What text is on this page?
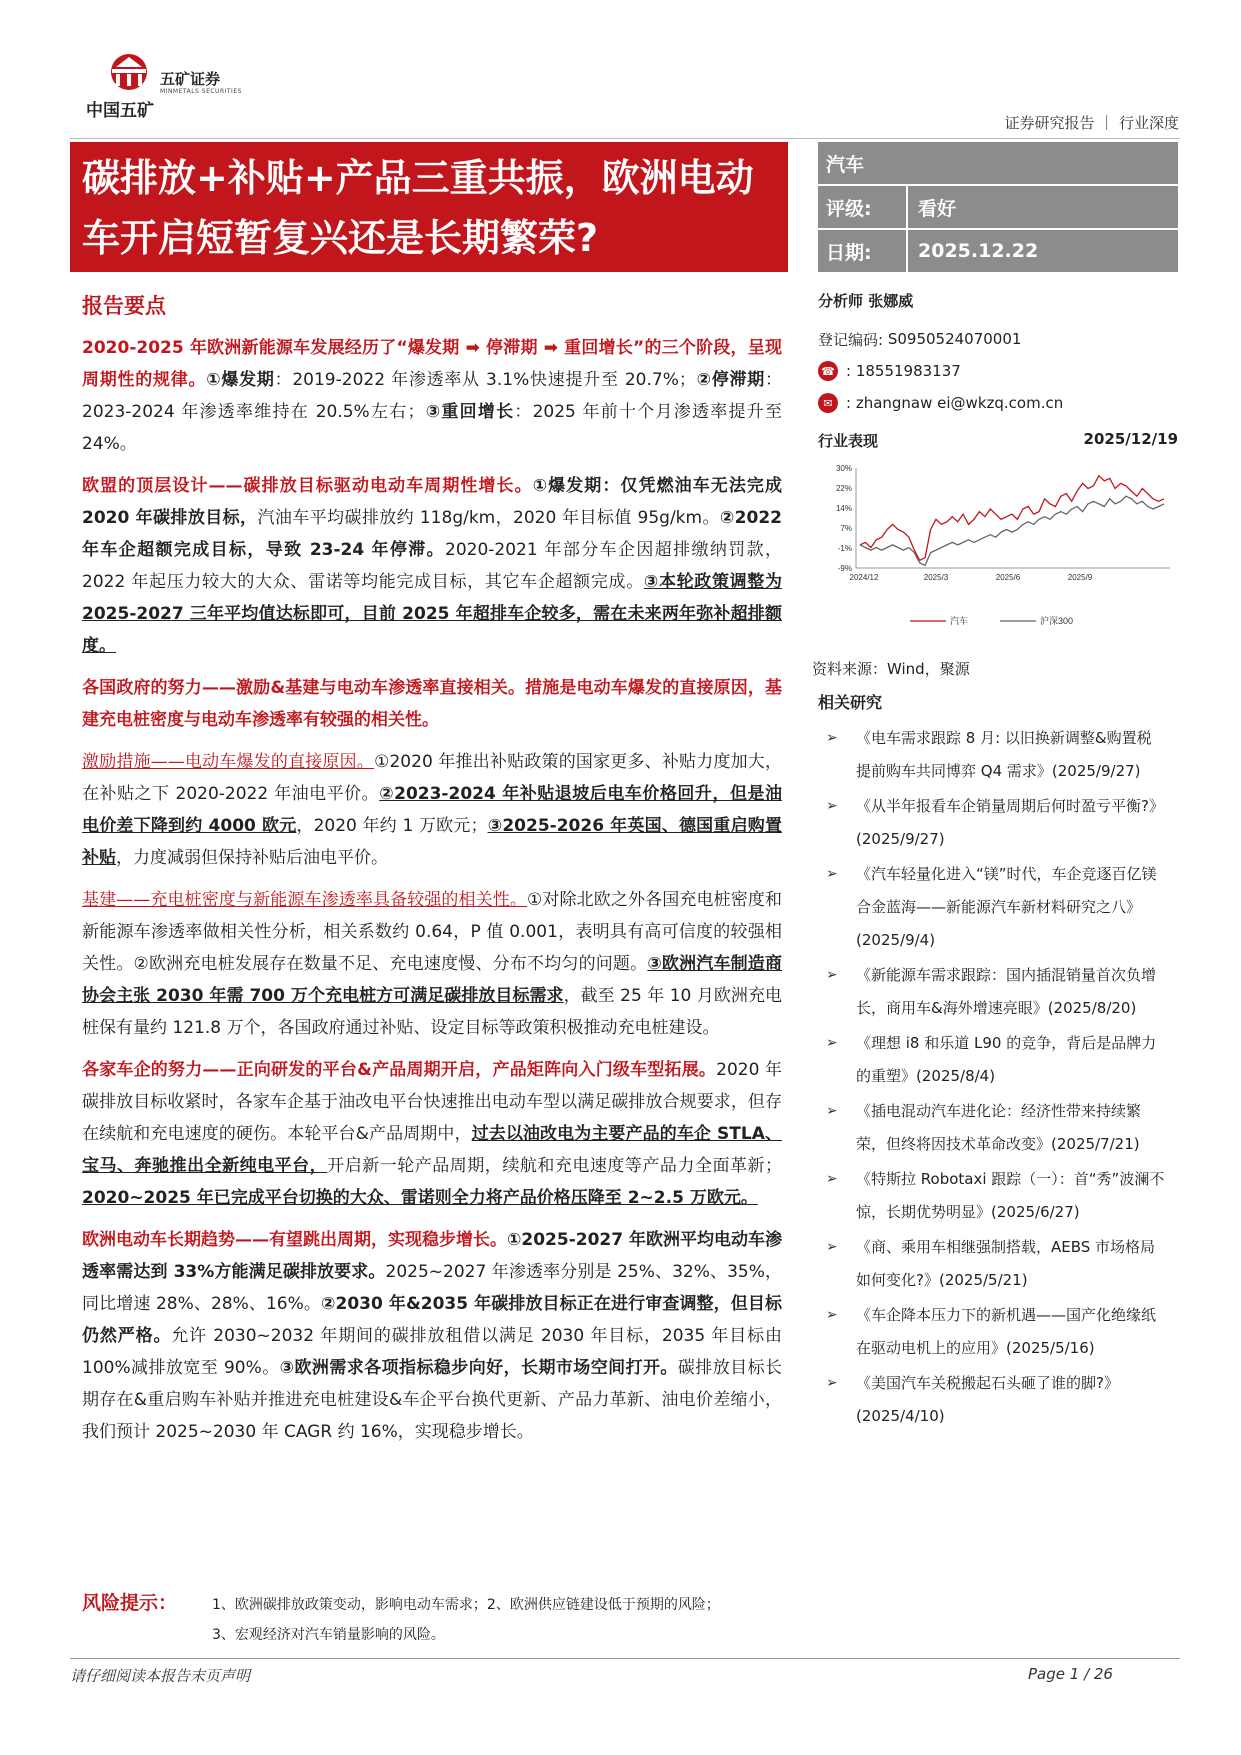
中国五矿
五矿证券
MINMETALS SECURITIES
证券研究报告 ｜ 行业深度
碳排放+补贴+产品三重共振，欧洲电动车开启短暂复兴还是长期繁荣?
汽车
评级:	看好
日期:	2025.12.22
报告要点

2020-2025 年欧洲新能源车发展经历了“爆发期 ➡ 停滞期 ➡ 重回增长”的三个阶段，呈现周期性的规律。①爆发期：2019-2022 年渗透率从 3.1%快速提升至 20.7%；②停滞期：2023-2024 年渗透率维持在 20.5%左右；③重回增长：2025 年前十个月渗透率提升至 24%。

欧盟的顶层设计——碳排放目标驱动电动车周期性增长。①爆发期：仅凭燃油车无法完成 2020 年碳排放目标，汽油车平均碳排放约 118g/km，2020 年目标值 95g/km。②2022 年车企超额完成目标，导致 23-24 年停滞。2020-2021 年部分车企因超排缴纳罚款，2022 年起压力较大的大众、雷诺等均能完成目标，其它车企超额完成。③本轮政策调整为 2025-2027 三年平均值达标即可，目前 2025 年超排车企较多，需在未来两年弥补超排额度。

各国政府的努力——激励&基建与电动车渗透率直接相关。措施是电动车爆发的直接原因，基建充电桩密度与电动车渗透率有较强的相关性。

激励措施——电动车爆发的直接原因。①2020 年推出补贴政策的国家更多、补贴力度加大，在补贴之下 2020-2022 年油电平价。②2023-2024 年补贴退坡后电车价格回升，但是油电价差下降到约 4000 欧元，2020 年约 1 万欧元；③2025-2026 年英国、德国重启购置补贴，力度减弱但保持补贴后油电平价。

基建——充电桩密度与新能源车渗透率具备较强的相关性。①对除北欧之外各国充电桩密度和新能源车渗透率做相关性分析，相关系数约 0.64，P 值 0.001，表明具有高可信度的较强相关性。②欧洲充电桩发展存在数量不足、充电速度慢、分布不均匀的问题。③欧洲汽车制造商协会主张 2030 年需 700 万个充电桩方可满足碳排放目标需求，截至 25 年 10 月欧洲充电桩保有量约 121.8 万个，各国政府通过补贴、设定目标等政策积极推动充电桩建设。

各家车企的努力——正向研发的平台&产品周期开启，产品矩阵向入门级车型拓展。2020 年碳排放目标收紧时，各家车企基于油改电平台快速推出电动车型以满足碳排放合规要求，但存在续航和充电速度的硬伤。本轮平台&产品周期中，过去以油改电为主要产品的车企 STLA、宝马、奔驰推出全新纯电平台，开启新一轮产品周期，续航和充电速度等产品力全面革新；2020~2025 年已完成平台切换的大众、雷诺则全力将产品价格压降至 2~2.5 万欧元。

欧洲电动车长期趋势——有望跳出周期，实现稳步增长。①2025-2027 年欧洲平均电动车渗透率需达到 33%方能满足碳排放要求。2025~2027 年渗透率分别是 25%、32%、35%，同比增速 28%、28%、16%。②2030 年&2035 年碳排放目标正在进行审查调整，但目标仍然严格。允许 2030~2032 年期间的碳排放租借以满足 2030 年目标，2035 年目标由 100%减排放宽至 90%。③欧洲需求各项指标稳步向好，长期市场空间打开。碳排放目标长期存在&重启购车补贴并推进充电桩建设&车企平台换代更新、产品力革新、油电价差缩小，我们预计 2025~2030 年 CAGR 约 16%，实现稳步增长。

分析师 张娜威
登记编码:
S0950524070001
☎ : 18551983137
✉ : zhangnaw ei@wkzq.com.cn
行业表现	2025/12/19
30%
22%
14%
7%
-1%
-9%
2024/12	2025/3	2025/6	2025/9
汽车	沪深300
资料来源：Wind，聚源
相关研究
➢ 《电车需求跟踪 8 月: 以旧换新调整&购置税提前购车共同博弈 Q4 需求》(2025/9/27)
➢ 《从半年报看车企销量周期后何时盈亏平衡?》(2025/9/27)
➢ 《汽车轻量化进入“镁”时代，车企竞逐百亿镁合金蓝海——新能源汽车新材料研究之八》(2025/9/4)
➢ 《新能源车需求跟踪：国内插混销量首次负增长，商用车&海外增速亮眼》(2025/8/20)
➢ 《理想 i8 和乐道 L90 的竞争，背后是品牌力的重塑》(2025/8/4)
➢ 《插电混动汽车进化论：经济性带来持续繁荣，但终将因技术革命改变》(2025/7/21)
➢ 《特斯拉 Robotaxi 跟踪（一）：首“秀”波澜不惊，长期优势明显》(2025/6/27)
➢ 《商、乘用车相继强制搭载，AEBS 市场格局如何变化?》(2025/5/21)
➢ 《车企降本压力下的新机遇——国产化绝缘纸在驱动电机上的应用》(2025/5/16)
➢ 《美国汽车关税搬起石头砸了谁的脚?》(2025/4/10)
风险提示： 1、欧洲碳排放政策变动，影响电动车需求；2、欧洲供应链建设低于预期的风险；
3、宏观经济对汽车销量影响的风险。
请仔细阅读本报告末页声明	Page 1 / 26
